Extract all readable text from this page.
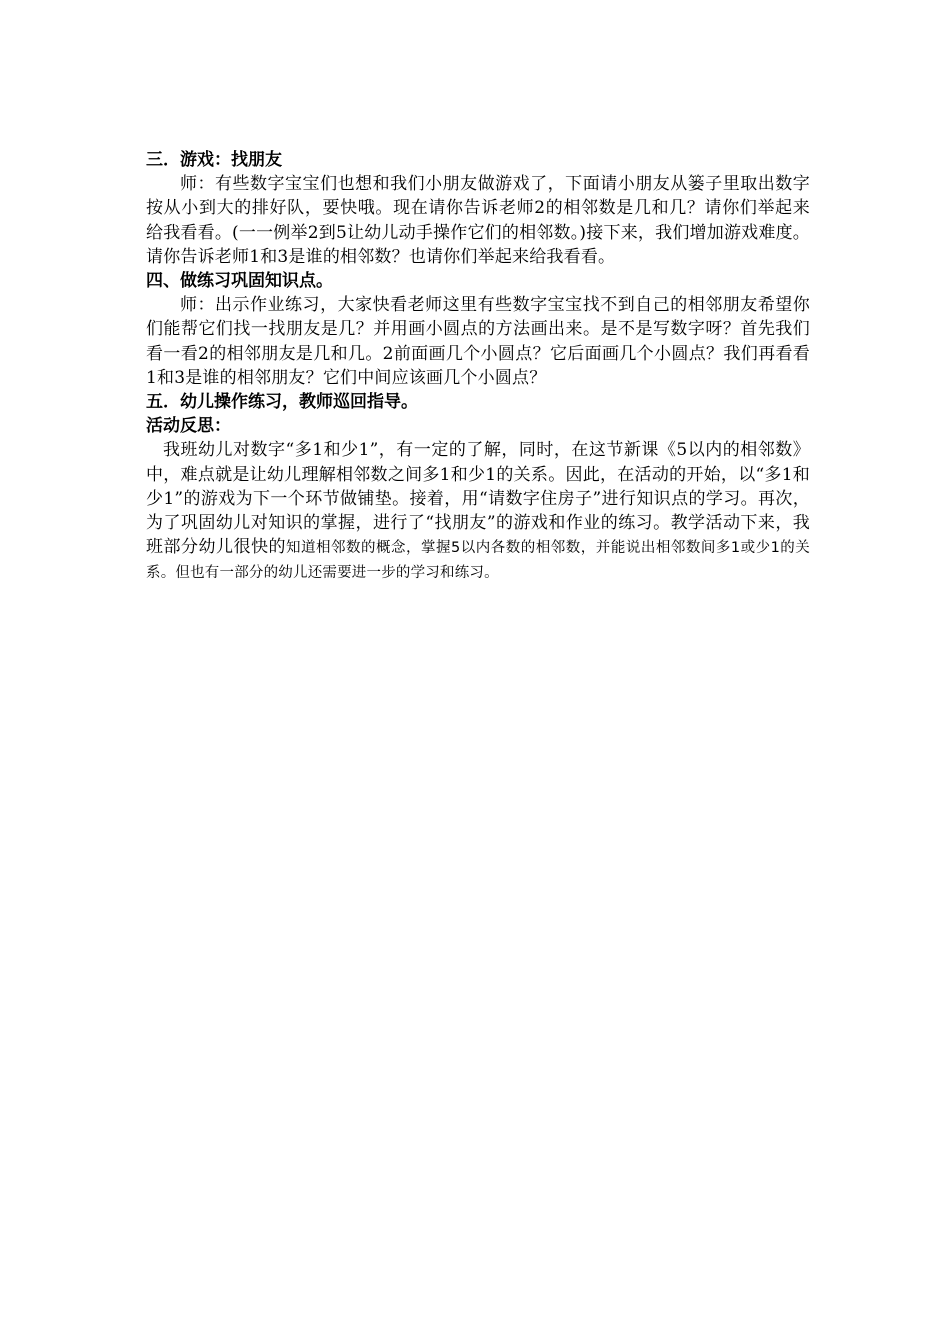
三．游戏：找朋友

师：有些数字宝宝们也想和我们小朋友做游戏了，下面请小朋友从篓子里取出数字按从小到大的排好队，要快哦。现在请你告诉老师2的相邻数是几和几？请你们举起来给我看看。(一一例举2到5让幼儿动手操作它们的相邻数。)接下来，我们增加游戏难度。请你告诉老师1和3是谁的相邻数？也请你们举起来给我看看。

四、做练习巩固知识点。

师：出示作业练习，大家快看老师这里有些数字宝宝找不到自己的相邻朋友希望你们能帮它们找一找朋友是几？并用画小圆点的方法画出来。是不是写数字呀？首先我们看一看2的相邻朋友是几和几。2前面画几个小圆点？它后面画几个小圆点？我们再看看1和3是谁的相邻朋友？它们中间应该画几个小圆点？

五．幼儿操作练习，教师巡回指导。

活动反思：

我班幼儿对数字“多1和少1”，有一定的了解，同时，在这节新课《5以内的相邻数》中，难点就是让幼儿理解相邻数之间多1和少1的关系。因此，在活动的开始，以“多1和少1”的游戏为下一个环节做铺垫。接着，用“请数字住房子”进行知识点的学习。再次，为了巩固幼儿对知识的掌握，进行了“找朋友”的游戏和作业的练习。教学活动下来，我班部分幼儿很快的知道相邻数的概念，掌握5以内各数的相邻数，并能说出相邻数间多1或少1的关系。但也有一部分的幼儿还需要进一步的学习和练习。
